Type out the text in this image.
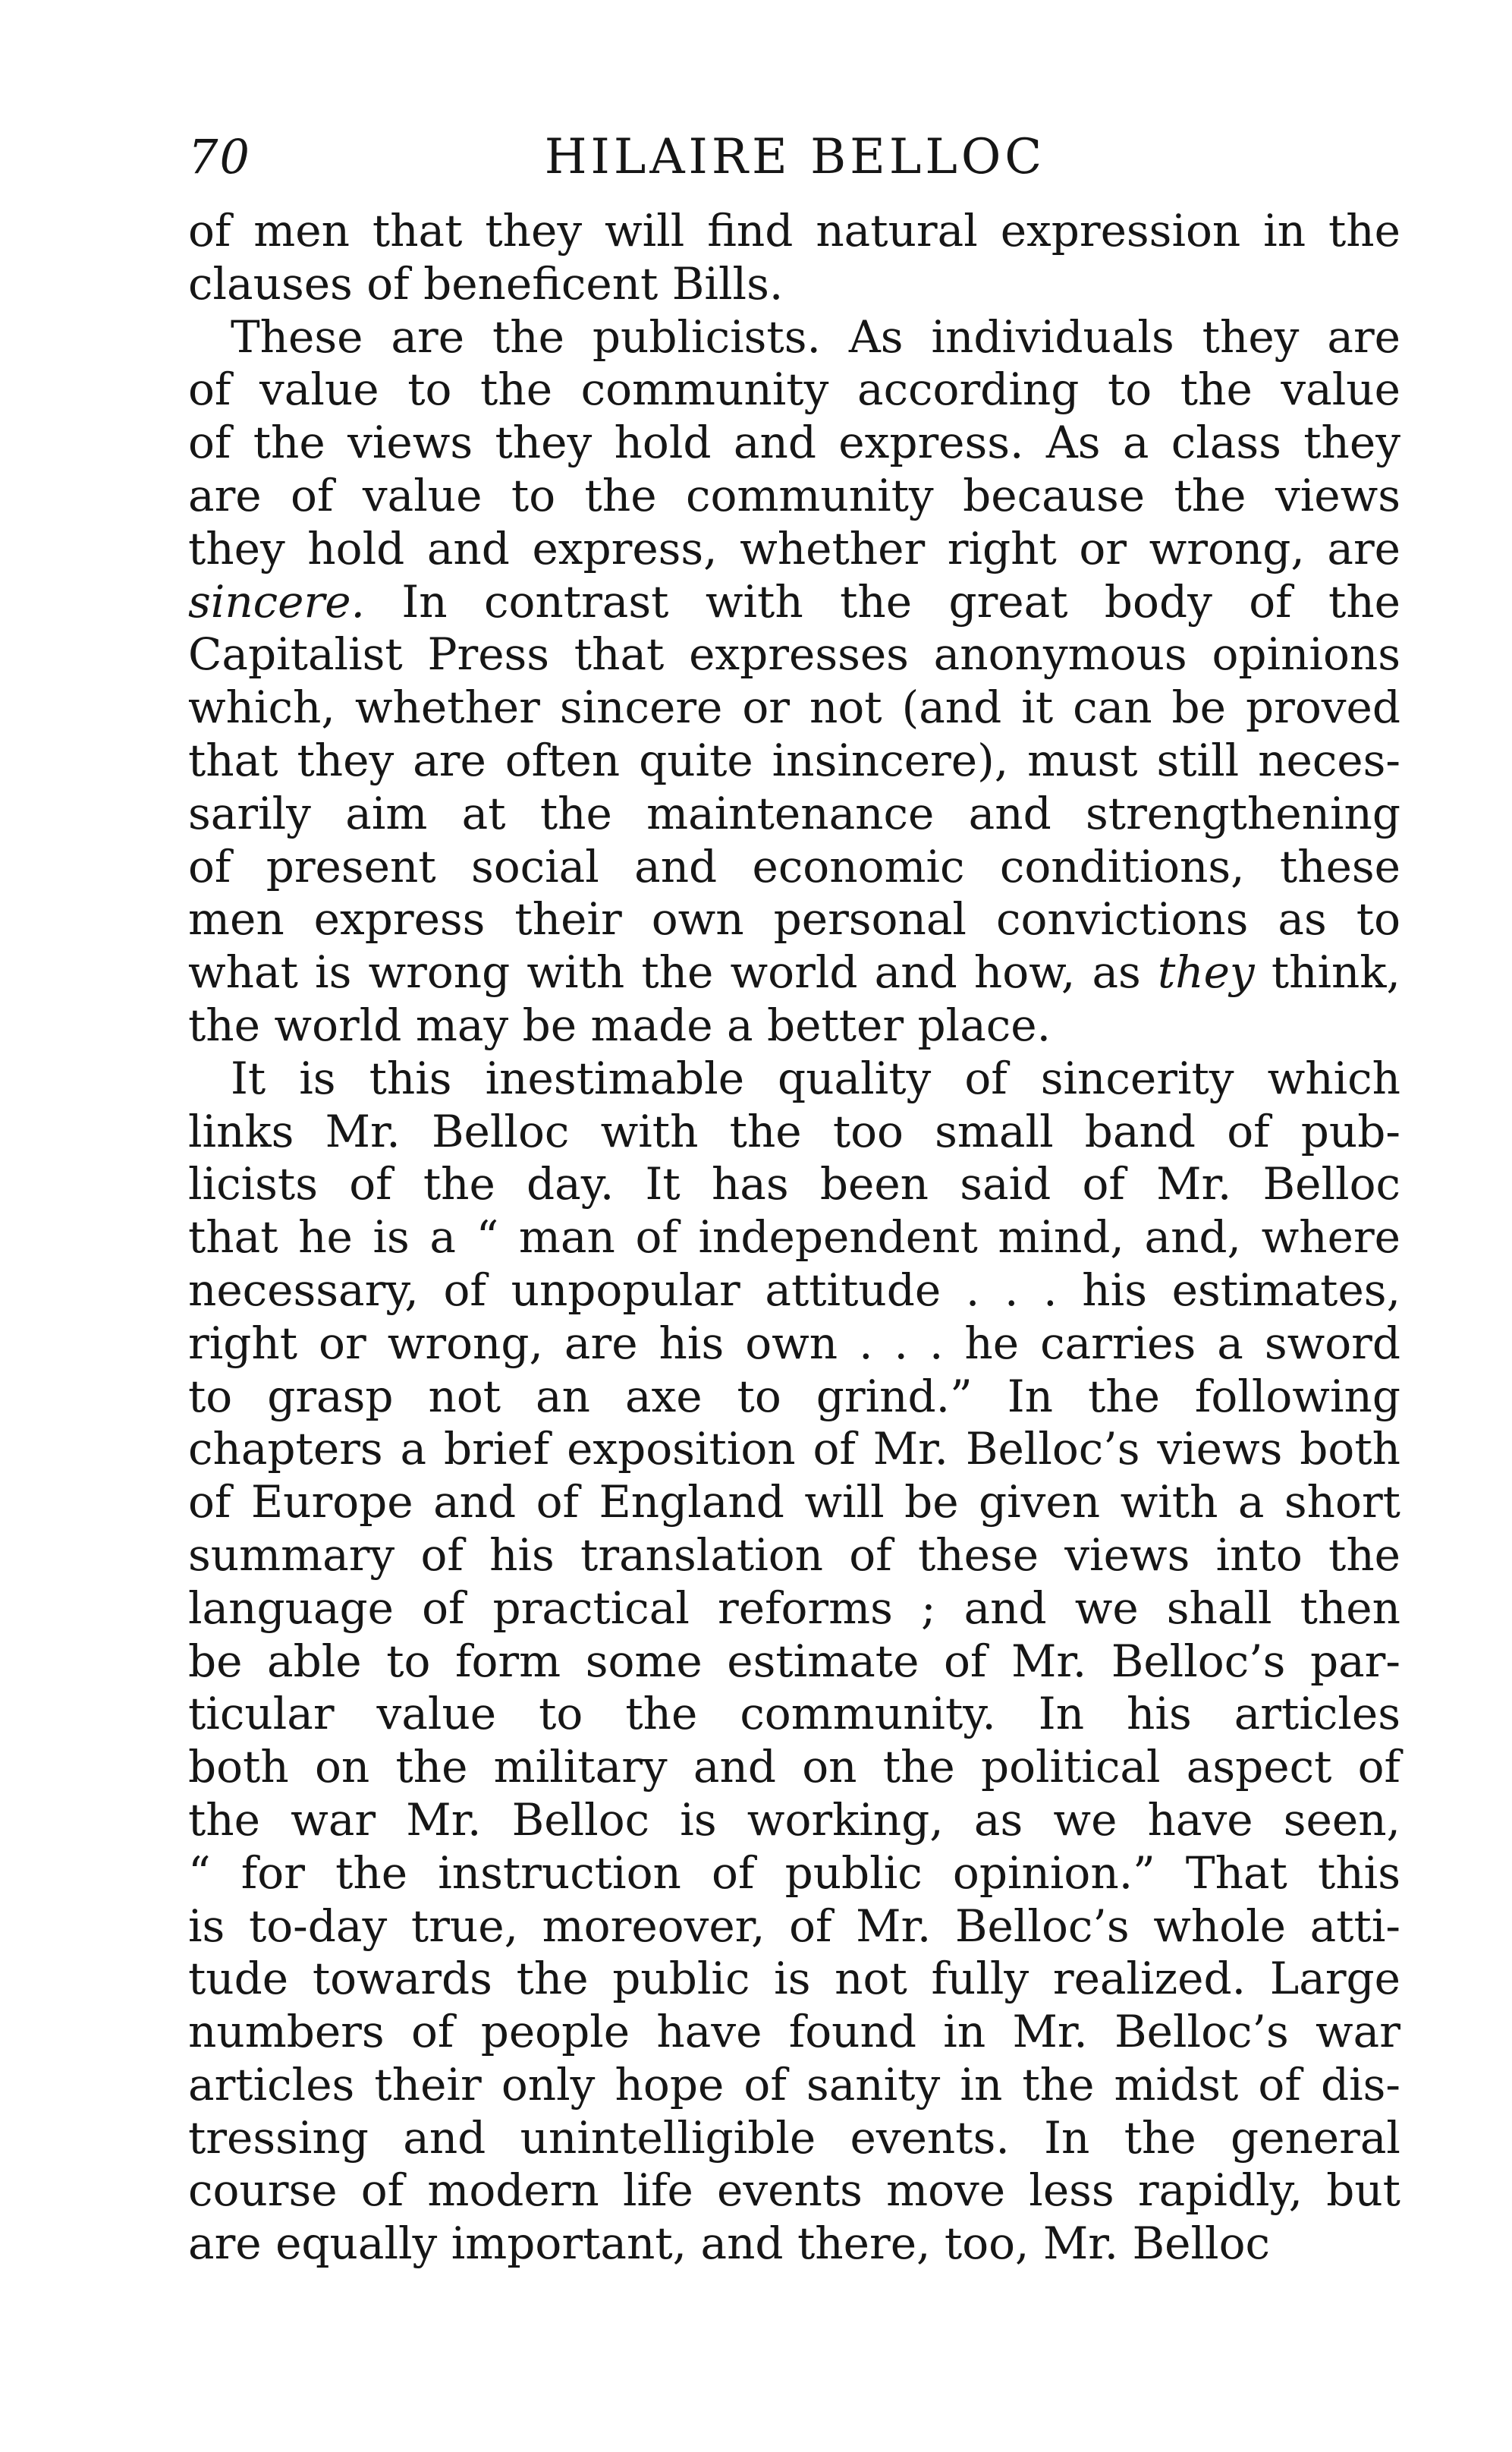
70	HILAIRE BELLOC
of men that they will find natural expression in the
clauses of beneficent Bills.
These are the publicists. As individuals they are
of value to the community according to the value
of the views they hold and express. As a class they
are of value to the community because the views
they hold and express, whether right or wrong, are
sincere. In contrast with the great body of the
Capitalist Press that expresses anonymous opinions
which, whether sincere or not (and it can be proved
that they are often quite insincere), must still neces-
sarily aim at the maintenance and strengthening
of present social and economic conditions, these
men express their own personal convictions as to
what is wrong with the world and how, as they think,
the world may be made a better place.
It is this inestimable quality of sincerity which
links Mr. Belloc with the too small band of pub-
licists of the day. It has been said of Mr. Belloc
that he is a “ man of independent mind, and, where
necessary, of unpopular attitude . . . his estimates,
right or wrong, are his own . . . he carries a sword
to grasp not an axe to grind.” In the following
chapters a brief exposition of Mr. Belloc’s views both
of Europe and of England will be given with a short
summary of his translation of these views into the
language of practical reforms ; and we shall then
be able to form some estimate of Mr. Belloc’s par-
ticular value to the community. In his articles
both on the military and on the political aspect of
the war Mr. Belloc is working, as we have seen,
“ for the instruction of public opinion.” That this
is to-day true, moreover, of Mr. Belloc’s whole atti-
tude towards the public is not fully realized. Large
numbers of people have found in Mr. Belloc’s war
articles their only hope of sanity in the midst of dis-
tressing and unintelligible events. In the general
course of modern life events move less rapidly, but
are equally important, and there, too, Mr. Belloc
